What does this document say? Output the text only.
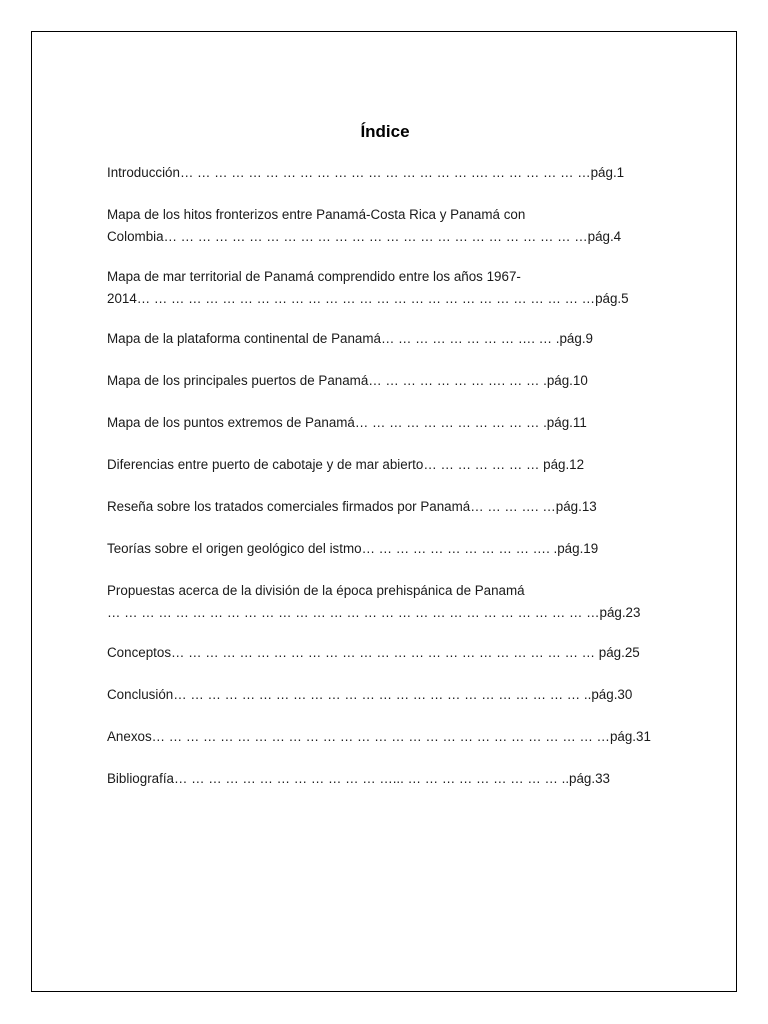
Índice
Introducción… … … … … … … … … … … … … … … … … …. … … … … … …pág.1
Mapa de los hitos fronterizos entre Panamá-Costa Rica y Panamá con
Colombia… … … … … … … … … … … … … … … … … … … … … … … … …pág.4
Mapa de mar territorial de Panamá comprendido entre los años 1967-
2014… … … … … … … … … … … … … … … … … … … … … … … … … … …pág.5
Mapa de la plataforma continental de Panamá… … … … … … … … …. … .pág.9
Mapa de los principales puertos de Panamá… … … … … … … …. … … .pág.10
Mapa de los puntos extremos de Panamá… … … … … … … … … … … .pág.11
Diferencias entre puerto de cabotaje y de mar abierto… … … … … … … pág.12
Reseña sobre los tratados comerciales firmados por Panamá… … … …. …pág.13
Teorías sobre el origen geológico del istmo… … … … … … … … … … …. .pág.19
Propuestas acerca de la división de la época prehispánica de Panamá
… … … … … … … … … … … … … … … … … … … … … … … … … … … … …pág.23
Conceptos… … … … … … … … … … … … … … … … … … … … … … … … … pág.25
Conclusión… … … … … … … … … … … … … … … … … … … … … … … … ..pág.30
Anexos… … … … … … … … … … … … … … … … … … … … … … … … … … …pág.31
Bibliografía… … … … … … … … … … … … …... … … … … … … … … … ..pág.33
